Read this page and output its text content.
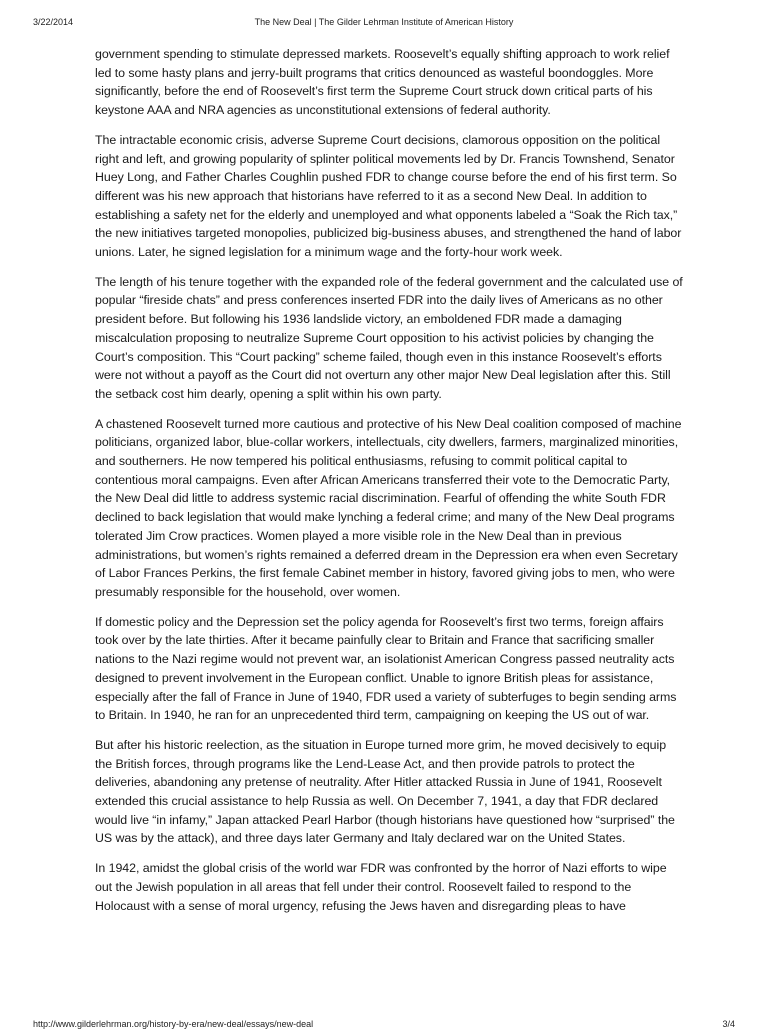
3/22/2014	The New Deal | The Gilder Lehrman Institute of American History

government spending to stimulate depressed markets. Roosevelt’s equally shifting approach to work relief led to some hasty plans and jerry-built programs that critics denounced as wasteful boondoggles. More significantly, before the end of Roosevelt’s first term the Supreme Court struck down critical parts of his keystone AAA and NRA agencies as unconstitutional extensions of federal authority.

The intractable economic crisis, adverse Supreme Court decisions, clamorous opposition on the political right and left, and growing popularity of splinter political movements led by Dr. Francis Townshend, Senator Huey Long, and Father Charles Coughlin pushed FDR to change course before the end of his first term. So different was his new approach that historians have referred to it as a second New Deal. In addition to establishing a safety net for the elderly and unemployed and what opponents labeled a “Soak the Rich tax,” the new initiatives targeted monopolies, publicized big-business abuses, and strengthened the hand of labor unions. Later, he signed legislation for a minimum wage and the forty-hour work week.

The length of his tenure together with the expanded role of the federal government and the calculated use of popular “fireside chats” and press conferences inserted FDR into the daily lives of Americans as no other president before. But following his 1936 landslide victory, an emboldened FDR made a damaging miscalculation proposing to neutralize Supreme Court opposition to his activist policies by changing the Court’s composition. This “Court packing” scheme failed, though even in this instance Roosevelt’s efforts were not without a payoff as the Court did not overturn any other major New Deal legislation after this. Still the setback cost him dearly, opening a split within his own party.

A chastened Roosevelt turned more cautious and protective of his New Deal coalition composed of machine politicians, organized labor, blue-collar workers, intellectuals, city dwellers, farmers, marginalized minorities, and southerners. He now tempered his political enthusiasms, refusing to commit political capital to contentious moral campaigns. Even after African Americans transferred their vote to the Democratic Party, the New Deal did little to address systemic racial discrimination. Fearful of offending the white South FDR declined to back legislation that would make lynching a federal crime; and many of the New Deal programs tolerated Jim Crow practices. Women played a more visible role in the New Deal than in previous administrations, but women’s rights remained a deferred dream in the Depression era when even Secretary of Labor Frances Perkins, the first female Cabinet member in history, favored giving jobs to men, who were presumably responsible for the household, over women.

If domestic policy and the Depression set the policy agenda for Roosevelt’s first two terms, foreign affairs took over by the late thirties. After it became painfully clear to Britain and France that sacrificing smaller nations to the Nazi regime would not prevent war, an isolationist American Congress passed neutrality acts designed to prevent involvement in the European conflict. Unable to ignore British pleas for assistance, especially after the fall of France in June of 1940, FDR used a variety of subterfuges to begin sending arms to Britain. In 1940, he ran for an unprecedented third term, campaigning on keeping the US out of war.

But after his historic reelection, as the situation in Europe turned more grim, he moved decisively to equip the British forces, through programs like the Lend-Lease Act, and then provide patrols to protect the deliveries, abandoning any pretense of neutrality. After Hitler attacked Russia in June of 1941, Roosevelt extended this crucial assistance to help Russia as well. On December 7, 1941, a day that FDR declared would live “in infamy,” Japan attacked Pearl Harbor (though historians have questioned how “surprised” the US was by the attack), and three days later Germany and Italy declared war on the United States.

In 1942, amidst the global crisis of the world war FDR was confronted by the horror of Nazi efforts to wipe out the Jewish population in all areas that fell under their control. Roosevelt failed to respond to the Holocaust with a sense of moral urgency, refusing the Jews haven and disregarding pleas to have

http://www.gilderlehrman.org/history-by-era/new-deal/essays/new-deal	3/4
